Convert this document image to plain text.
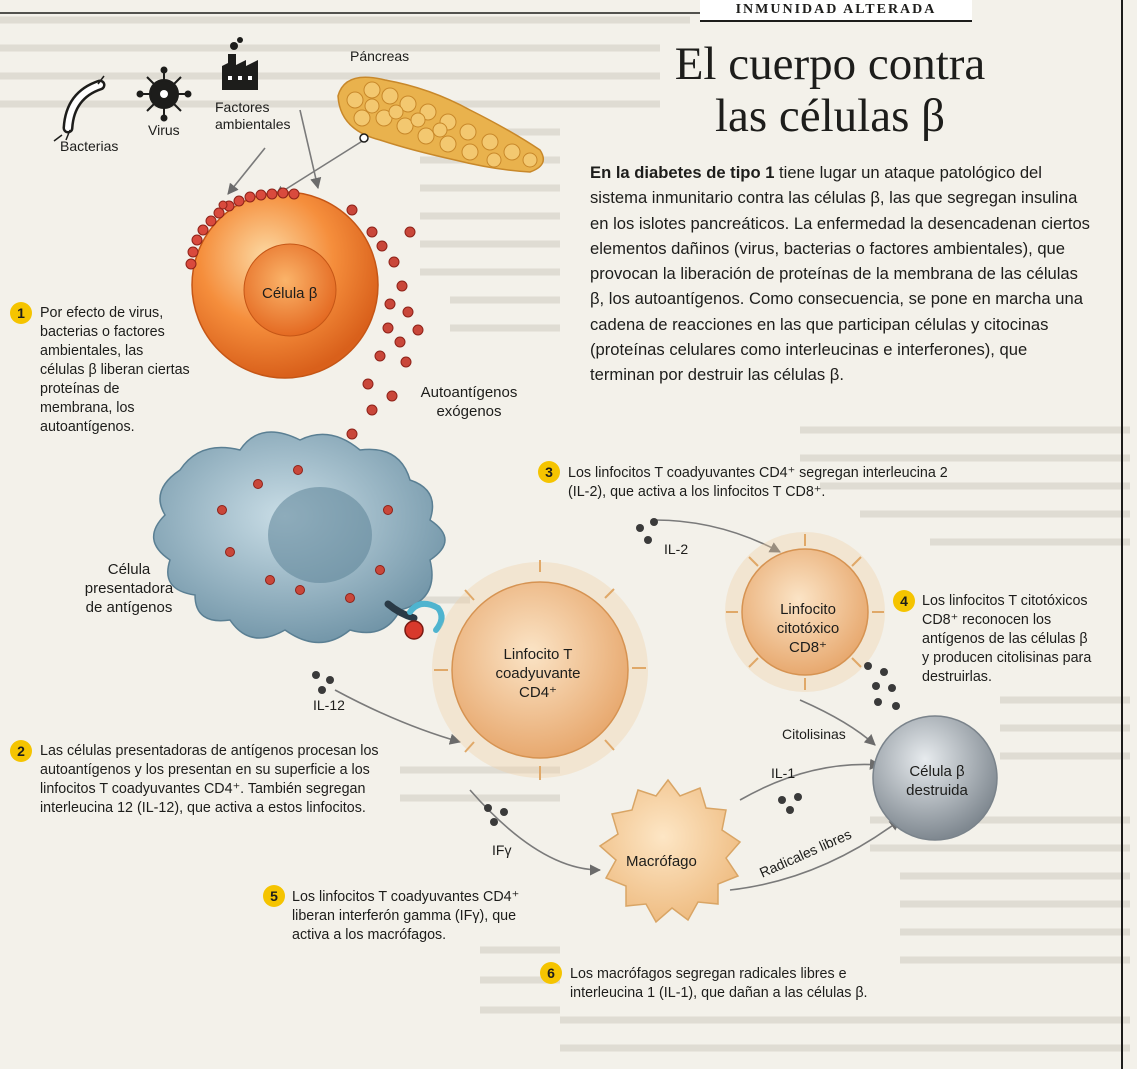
INMUNIDAD ALTERADA
El cuerpo contra
las células β
En la diabetes de tipo 1 tiene lugar un ataque patológico del sistema inmunitario contra las células β, las que segregan insulina en los islotes pancreáticos. La enfermedad la desencadenan ciertos elementos dañinos (virus, bacterias o factores ambientales), que provocan la liberación de proteínas de la membrana de las células β, los autoantígenos. Como consecuencia, se pone en marcha una cadena de reacciones en las que participan células y citocinas (proteínas celulares como interleucinas e interferones), que terminan por destruir las células β.
Bacterias
Virus
Factores ambientales
Páncreas
Célula β
Autoantígenos exógenos
Célula presentadora de antígenos
Linfocito T coadyuvante CD4⁺
IL-2
IL-12
Linfocito citotóxico CD8⁺
Citolisinas
IL-1	Célula β destruida
Macrófago	Radicales libres
IFγ
1	Por efecto de virus, bacterias o factores ambientales, las células β liberan ciertas proteínas de membrana, los autoantígenos.
2	Las células presentadoras de antígenos procesan los autoantígenos y los presentan en su superficie a los linfocitos T coadyuvantes CD4⁺. También segregan interleucina 12 (IL-12), que activa a estos linfocitos.
3	Los linfocitos T coadyuvantes CD4⁺ segregan interleucina 2 (IL-2), que activa a los linfocitos T CD8⁺.
4 Los linfocitos T citotóxicos CD8⁺ reconocen los antígenos de las células β y producen citolisinas para destruirlas.
5 Los linfocitos T coadyuvantes CD4⁺ liberan interferón gamma (IFγ), que activa a los macrófagos.
6	Los macrófagos segregan radicales libres e interleucina 1 (IL-1), que dañan a las células β.
